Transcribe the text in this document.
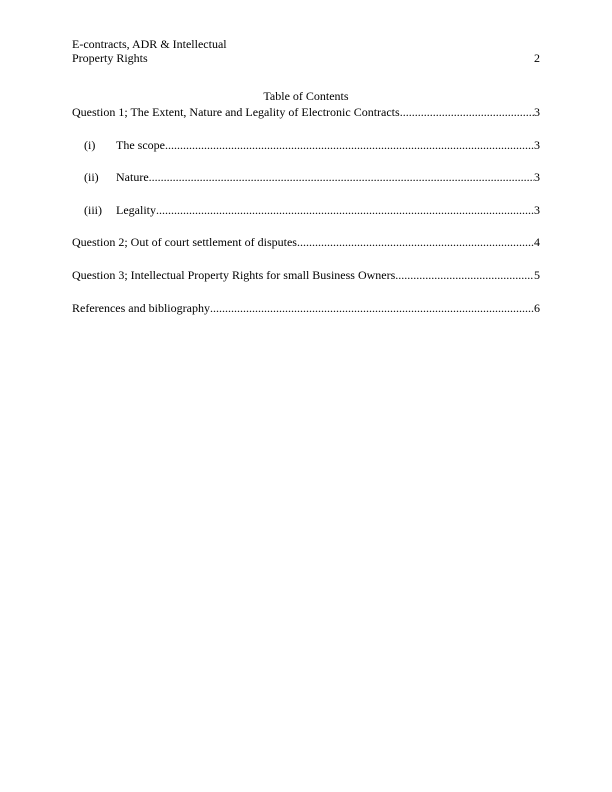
E-contracts, ADR & Intellectual
Property Rights	2
Table of Contents
Question 1; The Extent, Nature and Legality of Electronic Contracts .....	3
(i)	The scope .....	3
(ii)	Nature .....	3
(iii)	Legality .....	3
Question 2; Out of court settlement of disputes .....	4
Question 3; Intellectual Property Rights for small Business Owners .....	5
References and bibliography .....	6
